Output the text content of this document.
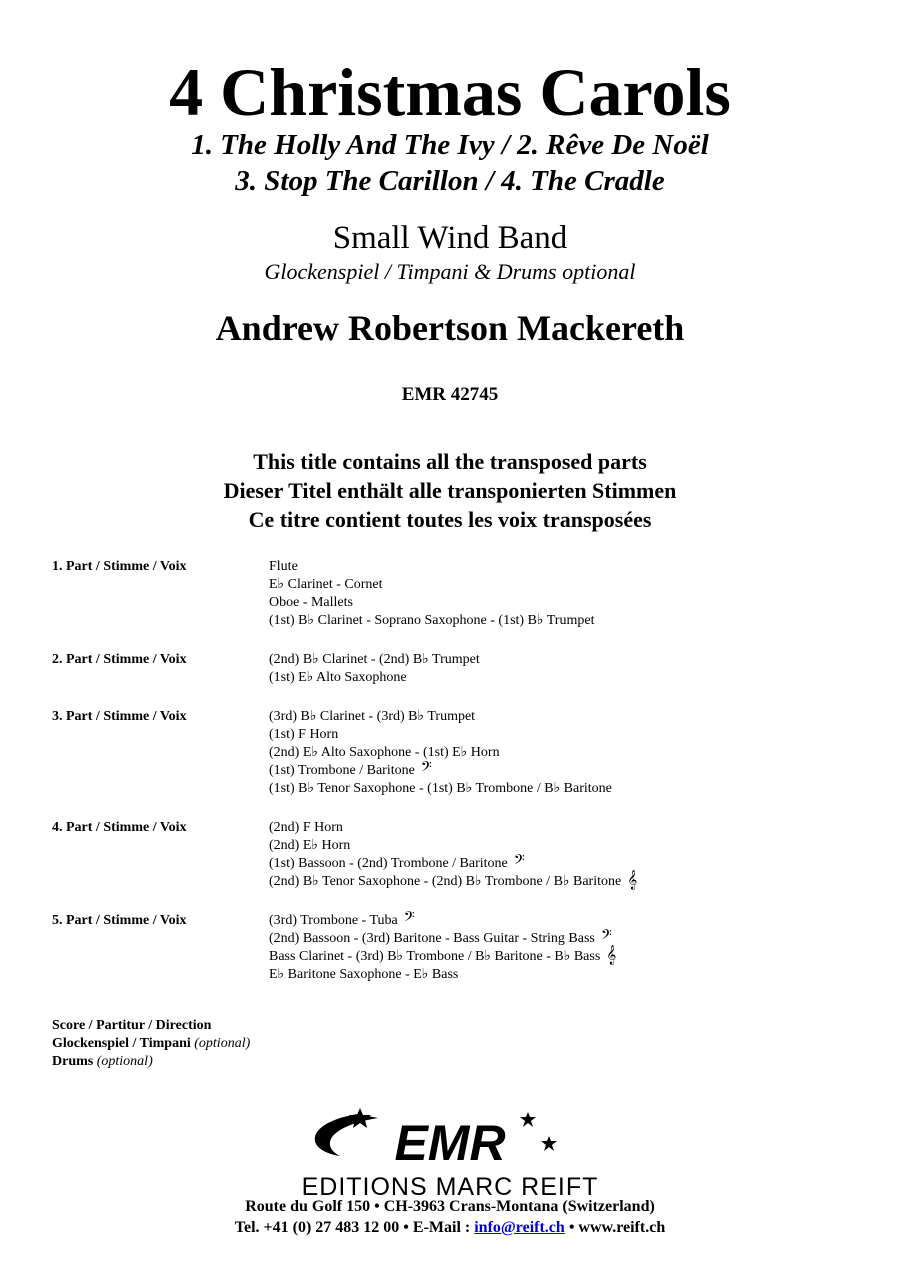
4 Christmas Carols
1. The Holly And The Ivy / 2. Rêve De Noël
3. Stop The Carillon / 4. The Cradle
Small Wind Band
Glockenspiel / Timpani & Drums optional
Andrew Robertson Mackereth
EMR 42745
This title contains all the transposed parts
Dieser Titel enthält alle transponierten Stimmen
Ce titre contient toutes les voix transposées
1. Part / Stimme / Voix	Flute
E♭ Clarinet - Cornet
Oboe - Mallets
(1st) B♭ Clarinet - Soprano Saxophone - (1st) B♭ Trumpet
2. Part / Stimme / Voix	(2nd) B♭ Clarinet - (2nd) B♭ Trumpet
(1st) E♭ Alto Saxophone
3. Part / Stimme / Voix	(3rd) B♭ Clarinet - (3rd) B♭ Trumpet
(1st) F Horn
(2nd) E♭ Alto Saxophone - (1st) E♭ Horn
(1st) Trombone / Baritone 𝄢
(1st) B♭ Tenor Saxophone - (1st) B♭ Trombone / B♭ Baritone
4. Part / Stimme / Voix	(2nd) F Horn
(2nd) E♭ Horn
(1st) Bassoon - (2nd) Trombone / Baritone 𝄢
(2nd) B♭ Tenor Saxophone - (2nd) B♭ Trombone / B♭ Baritone 𝄞
5. Part / Stimme / Voix	(3rd) Trombone - Tuba 𝄢
(2nd) Bassoon - (3rd) Baritone - Bass Guitar - String Bass 𝄢
Bass Clarinet - (3rd) B♭ Trombone / B♭ Baritone - B♭ Bass 𝄞
E♭ Baritone Saxophone - E♭ Bass
Score / Partitur / Direction
Glockenspiel / Timpani (optional)
Drums (optional)
EMR
EDITIONS MARC REIFT
Route du Golf 150 • CH-3963 Crans-Montana (Switzerland)
Tel. +41 (0) 27 483 12 00 • E-Mail : info@reift.ch • www.reift.ch
